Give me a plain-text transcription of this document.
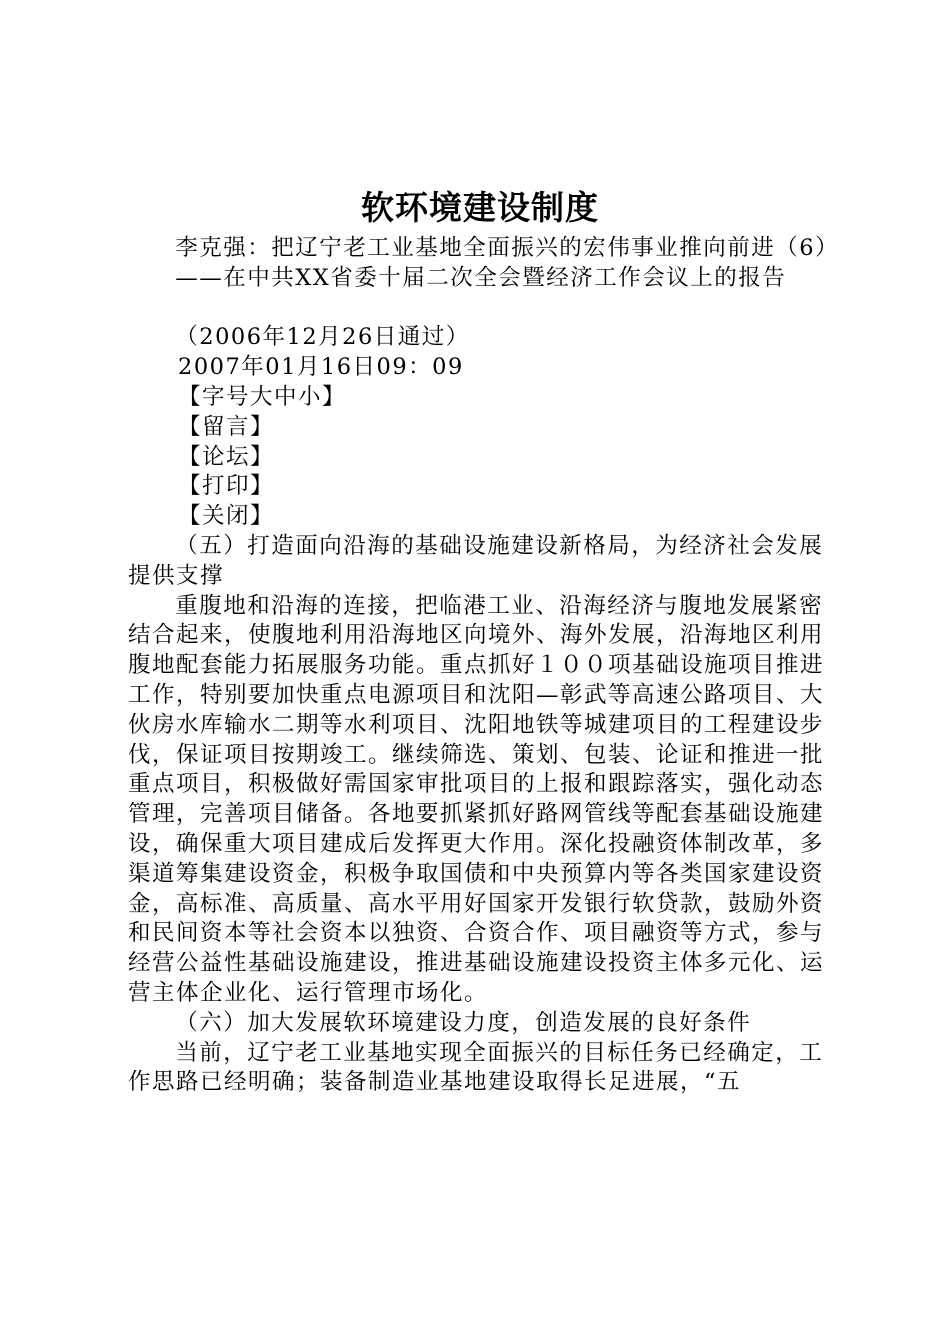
软环境建设制度

李克强：把辽宁老工业基地全面振兴的宏伟事业推向前进（6）

——在中共XX省委十届二次全会暨经济工作会议上的报告

（2006年12月26日通过）

2007年01月16日09：09

【字号大中小】

【留言】

【论坛】

【打印】

【关闭】

（五）打造面向沿海的基础设施建设新格局，为经济社会发展提供支撑

重腹地和沿海的连接，把临港工业、沿海经济与腹地发展紧密结合起来，使腹地利用沿海地区向境外、海外发展，沿海地区利用腹地配套能力拓展服务功能。重点抓好１００项基础设施项目推进工作，特别要加快重点电源项目和沈阳—彰武等高速公路项目、大伙房水库输水二期等水利项目、沈阳地铁等城建项目的工程建设步伐，保证项目按期竣工。继续筛选、策划、包装、论证和推进一批重点项目，积极做好需国家审批项目的上报和跟踪落实，强化动态管理，完善项目储备。各地要抓紧抓好路网管线等配套基础设施建设，确保重大项目建成后发挥更大作用。深化投融资体制改革，多渠道筹集建设资金，积极争取国债和中央预算内等各类国家建设资金，高标准、高质量、高水平用好国家开发银行软贷款，鼓励外资和民间资本等社会资本以独资、合资合作、项目融资等方式，参与经营公益性基础设施建设，推进基础设施建设投资主体多元化、运营主体企业化、运行管理市场化。

（六）加大发展软环境建设力度，创造发展的良好条件

当前，辽宁老工业基地实现全面振兴的目标任务已经确定，工作思路已经明确；装备制造业基地建设取得长足进展，“五
